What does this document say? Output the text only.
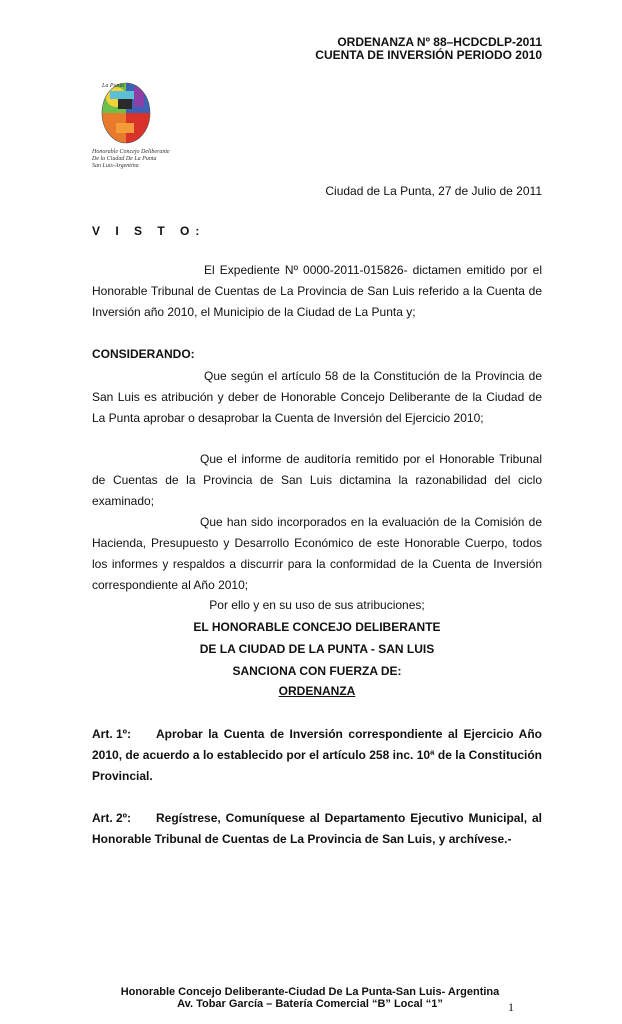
ORDENANZA Nº 88–HCDCDLP-2011
CUENTA DE INVERSIÓN PERIODO 2010
La Punta
Honorable Concejo Deliberante
De la Ciudad De La Punta
San Luis-Argentina
Ciudad de La Punta, 27 de Julio de 2011
V I S T O:
El Expediente Nº 0000-2011-015826- dictamen emitido por el Honorable Tribunal de Cuentas de La Provincia de San Luis referido a la Cuenta de Inversión año 2010, el Municipio de la Ciudad de La Punta y;
CONSIDERANDO:
Que según el artículo 58 de la Constitución de la Provincia de San Luis es atribución y deber de Honorable Concejo Deliberante de la Ciudad de La Punta aprobar o desaprobar la Cuenta de Inversión del Ejercicio 2010;
Que el informe de auditoría remitido por el Honorable Tribunal de Cuentas de la Provincia de San Luis dictamina la razonabilidad del ciclo examinado;
Que han sido incorporados en la evaluación de la Comisión de Hacienda, Presupuesto y Desarrollo Económico de este Honorable Cuerpo, todos los informes y respaldos a discurrir para la conformidad de la Cuenta de Inversión correspondiente al Año 2010;
Por ello y en su uso de sus atribuciones;
EL HONORABLE CONCEJO DELIBERANTE
DE LA CIUDAD DE LA PUNTA - SAN LUIS
SANCIONA CON FUERZA DE:
ORDENANZA
Art. 1º: Aprobar la Cuenta de Inversión correspondiente al Ejercicio Año 2010, de acuerdo a lo establecido por el artículo 258 inc. 10ª de la Constitución Provincial.
Art. 2º: Regístrese, Comuníquese al Departamento Ejecutivo Municipal, al Honorable Tribunal de Cuentas de La Provincia de San Luis, y archívese.-
Honorable Concejo Deliberante-Ciudad De La Punta-San Luis- Argentina
Av. Tobar García – Batería Comercial “B” Local “1”	1
